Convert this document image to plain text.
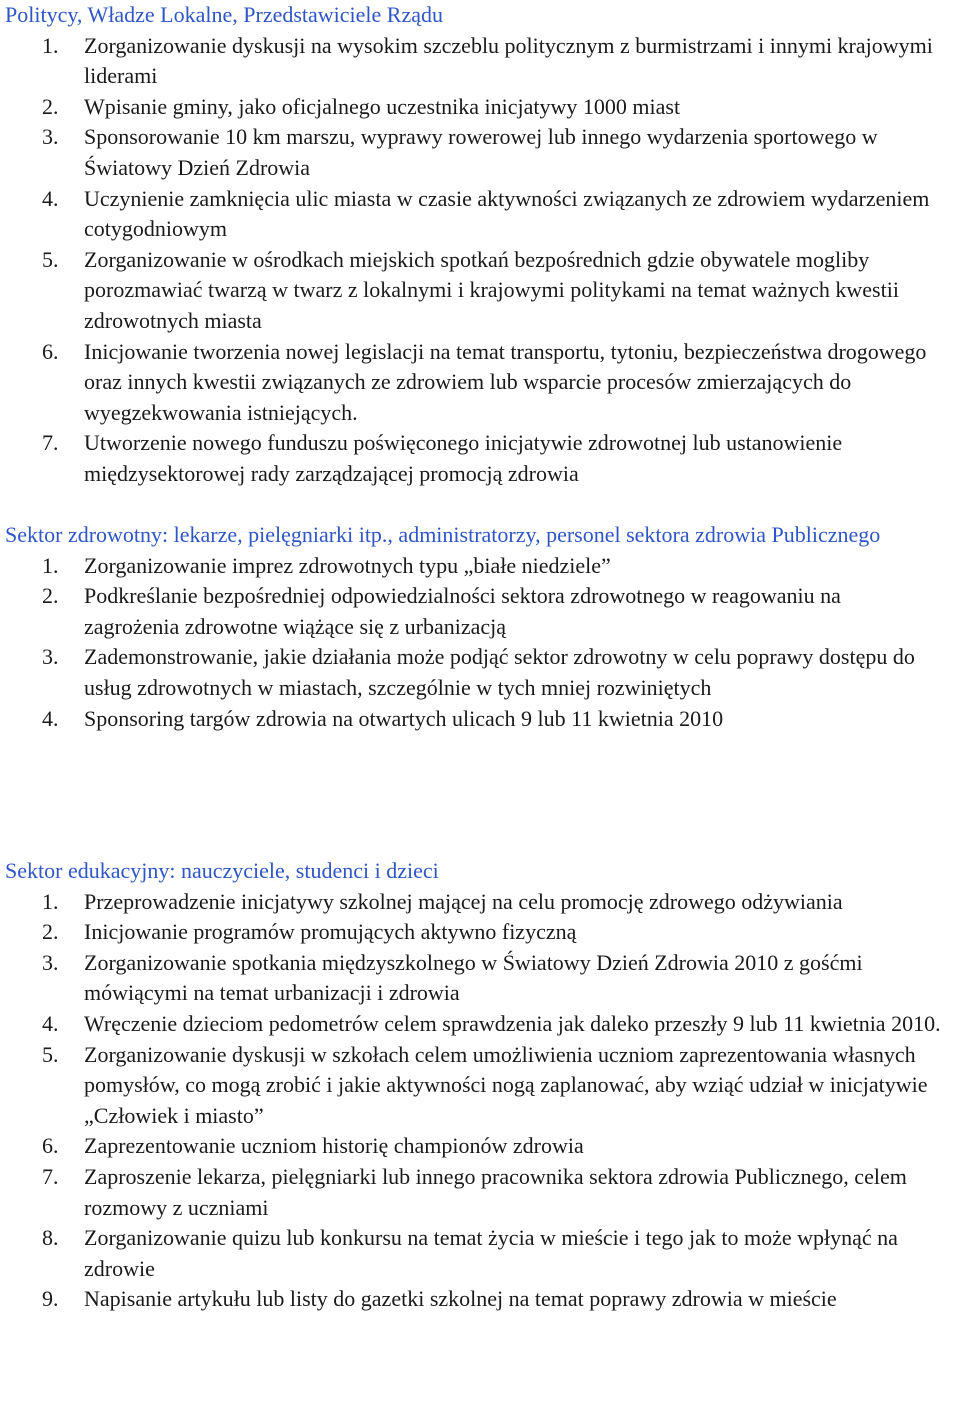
Politycy, Władze Lokalne, Przedstawiciele Rządu
1. Zorganizowanie dyskusji na wysokim szczeblu politycznym z burmistrzami i innymi krajowymi liderami
2. Wpisanie gminy, jako oficjalnego uczestnika inicjatywy 1000 miast
3. Sponsorowanie 10 km marszu, wyprawy rowerowej lub innego wydarzenia sportowego w Światowy Dzień Zdrowia
4. Uczynienie zamknięcia ulic miasta w czasie aktywności związanych ze zdrowiem wydarzeniem cotygodniowym
5. Zorganizowanie w ośrodkach miejskich spotkań bezpośrednich gdzie obywatele mogliby porozmawiać twarzą w twarz z lokalnymi i krajowymi politykami na temat ważnych kwestii zdrowotnych miasta
6. Inicjowanie tworzenia nowej legislacji na temat transportu, tytoniu, bezpieczeństwa drogowego oraz innych kwestii związanych ze zdrowiem lub wsparcie procesów zmierzających do wyegzekwowania istniejących.
7. Utworzenie nowego funduszu poświęconego inicjatywie zdrowotnej lub ustanowienie międzysektorowej rady zarządzającej promocją zdrowia
Sektor zdrowotny: lekarze, pielęgniarki itp., administratorzy, personel sektora zdrowia Publicznego
1. Zorganizowanie imprez zdrowotnych typu „białe niedziele”
2. Podkreślanie bezpośredniej odpowiedzialności sektora zdrowotnego w reagowaniu na zagrożenia zdrowotne wiążące się z urbanizacją
3. Zademonstrowanie, jakie działania może podjąć sektor zdrowotny w celu poprawy dostępu do usług zdrowotnych w miastach, szczególnie w tych mniej rozwiniętych
4. Sponsoring targów zdrowia na otwartych ulicach 9 lub 11 kwietnia 2010
Sektor edukacyjny: nauczyciele, studenci i dzieci
1. Przeprowadzenie inicjatywy szkolnej mającej na celu promocję zdrowego odżywiania
2. Inicjowanie programów promujących aktywno fizyczną
3. Zorganizowanie spotkania międzyszkolnego w Światowy Dzień Zdrowia 2010 z gośćmi mówiącymi na temat urbanizacji i zdrowia
4. Wręczenie dzieciom pedometrów celem sprawdzenia jak daleko przeszły 9 lub 11 kwietnia 2010.
5. Zorganizowanie dyskusji w szkołach celem umożliwienia uczniom zaprezentowania własnych pomysłów, co mogą zrobić i jakie aktywności nogą zaplanować, aby wziąć udział w inicjatywie „Człowiek i miasto”
6. Zaprezentowanie uczniom historię championów zdrowia
7. Zaproszenie lekarza, pielęgniarki lub innego pracownika sektora zdrowia Publicznego, celem rozmowy z uczniami
8. Zorganizowanie quizu lub konkursu na temat życia w mieście i tego jak to może wpłynąć na zdrowie
9. Napisanie artykułu lub listy do gazetki szkolnej na temat poprawy zdrowia w mieście
